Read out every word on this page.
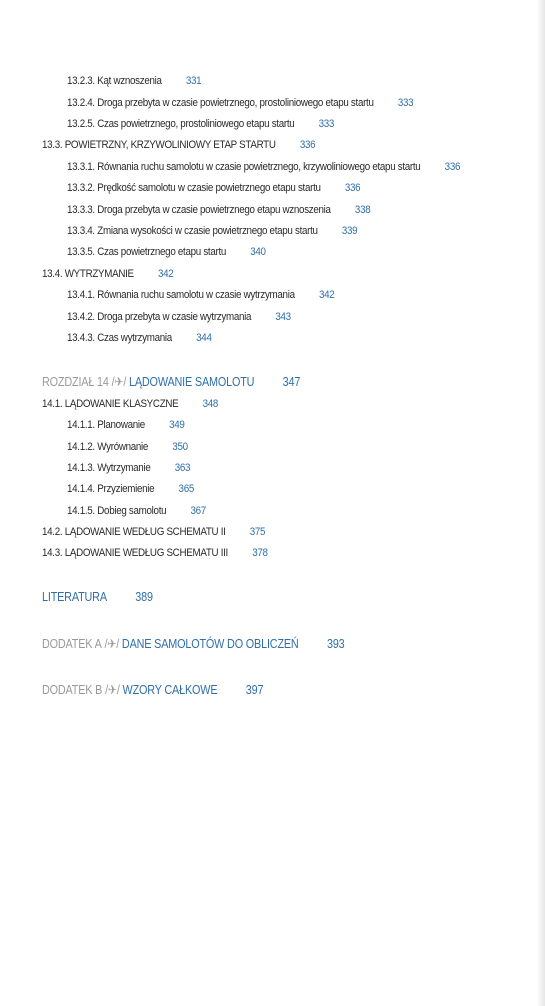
13.2.3. Kąt wznoszenia 331
13.2.4. Droga przebyta w czasie powietrznego, prostoliniowego etapu startu 333
13.2.5. Czas powietrznego, prostoliniowego etapu startu 333
13.3. POWIETRZNY, KRZYWOLINIOWY ETAP STARTU 336
13.3.1. Równania ruchu samolotu w czasie powietrznego, krzywoliniowego etapu startu 336
13.3.2. Prędkość samolotu w czasie powietrznego etapu startu 336
13.3.3. Droga przebyta w czasie powietrznego etapu wznoszenia 338
13.3.4. Zmiana wysokości w czasie powietrznego etapu startu 339
13.3.5. Czas powietrznego etapu startu 340
13.4. WYTRZYMANIE 342
13.4.1. Równania ruchu samolotu w czasie wytrzymania 342
13.4.2. Droga przebyta w czasie wytrzymania 343
13.4.3. Czas wytrzymania 344
ROZDZIAŁ 14 /✈/ LĄDOWANIE SAMOLOTU 347
14.1. LĄDOWANIE KLASYCZNE 348
14.1.1. Planowanie 349
14.1.2. Wyrównanie 350
14.1.3. Wytrzymanie 363
14.1.4. Przyziemienie 365
14.1.5. Dobieg samolotu 367
14.2. LĄDOWANIE WEDŁUG SCHEMATU II 375
14.3. LĄDOWANIE WEDŁUG SCHEMATU III 378
LITERATURA 389
DODATEK A /✈/ DANE SAMOLOTÓW DO OBLICZEŃ 393
DODATEK B /✈/ WZORY CAŁKOWE 397
